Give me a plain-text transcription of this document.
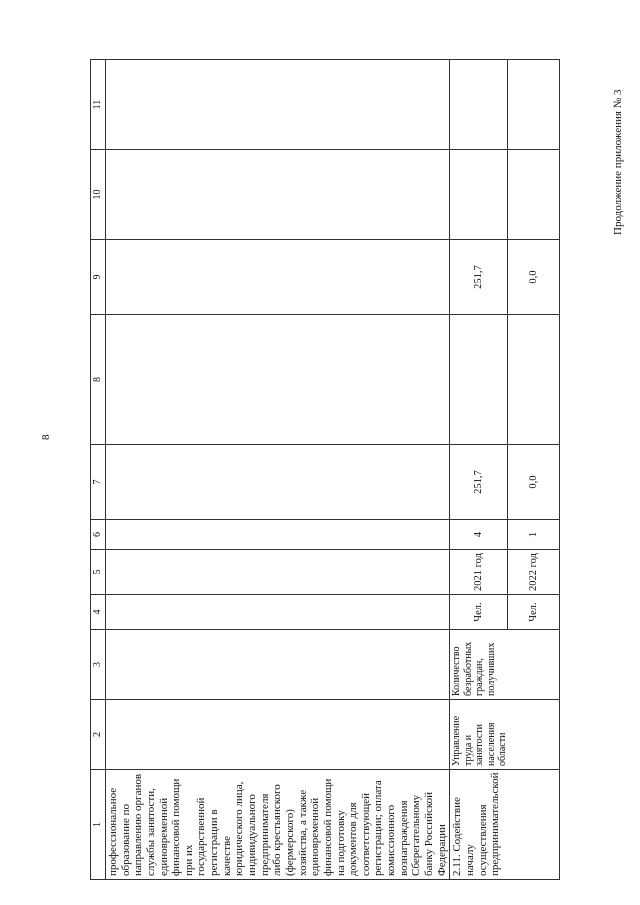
8
Продолжение приложения № 3
1	2	3	4	5	6	7	8	9	10	11
профессиональное образование по направлению органов службы занятости, единовременной финансовой помощи при их государственной регистрации в качестве юридического лица, индивидуального предпринимателя либо крестьянского (фермерского) хозяйства, а также единовременной финансовой помощи на подготовку документов для соответствующей регистрации; оплата комиссионного вознаграждения Сберегательному банку Российской Федерации										
2.11. Содействие началу осуществления предпринимательской	Управление труда и занятости населения области	Количество безработных граждан, получивших	Чел.	2021 год	4	251,7		251,7		
			Чел.	2022 год	1	0,0		0,0		
